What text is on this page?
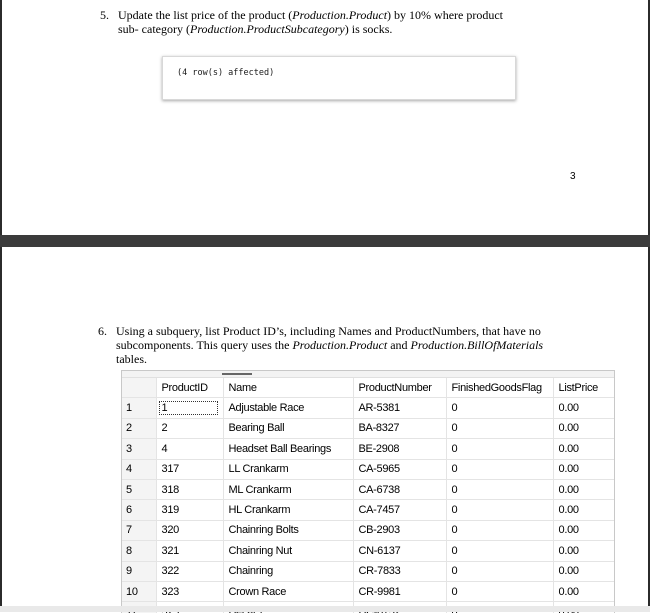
5. Update the list price of the product (Production.Product) by 10% where product
sub- category (Production.ProductSubcategory) is socks.
(4 row(s) affected)
3
6. Using a subquery, list Product ID’s, including Names and ProductNumbers, that have no
subcomponents. This query uses the Production.Product and Production.BillOfMaterials
tables.
	ProductID	Name	ProductNumber	FinishedGoodsFlag	ListPrice
1	1	Adjustable Race	AR-5381	0	0.00
2	2	Bearing Ball	BA-8327	0	0.00
3	4	Headset Ball Bearings	BE-2908	0	0.00
4	317	LL Crankarm	CA-5965	0	0.00
5	318	ML Crankarm	CA-6738	0	0.00
6	319	HL Crankarm	CA-7457	0	0.00
7	320	Chainring Bolts	CB-2903	0	0.00
8	321	Chainring Nut	CN-6137	0	0.00
9	322	Chainring	CR-7833	0	0.00
10	323	Crown Race	CR-9981	0	0.00
